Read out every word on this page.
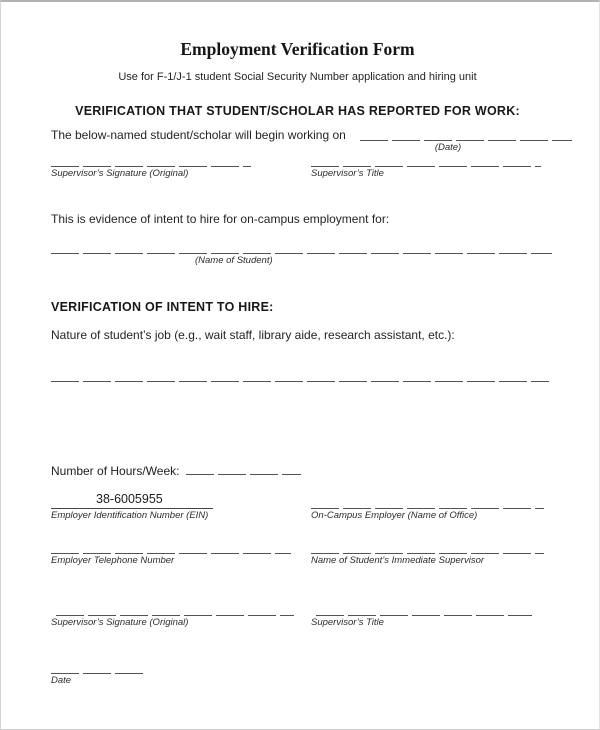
Employment Verification Form
Use for F-1/J-1 student Social Security Number application and hiring unit
VERIFICATION THAT STUDENT/SCHOLAR HAS REPORTED FOR WORK:
The below-named student/scholar will begin working on
(Date)
Supervisor’s Signature (Original)	Supervisor’s Title
This is evidence of intent to hire for on-campus employment for:
(Name of Student)
VERIFICATION OF INTENT TO HIRE:
Nature of student’s job (e.g., wait staff, library aide, research assistant, etc.):
Number of Hours/Week:
38-6005955
Employer Identification Number (EIN)	On-Campus Employer (Name of Office)
Employer Telephone Number	Name of Student’s Immediate Supervisor
Supervisor’s Signature (Original)	Supervisor’s Title
Date
